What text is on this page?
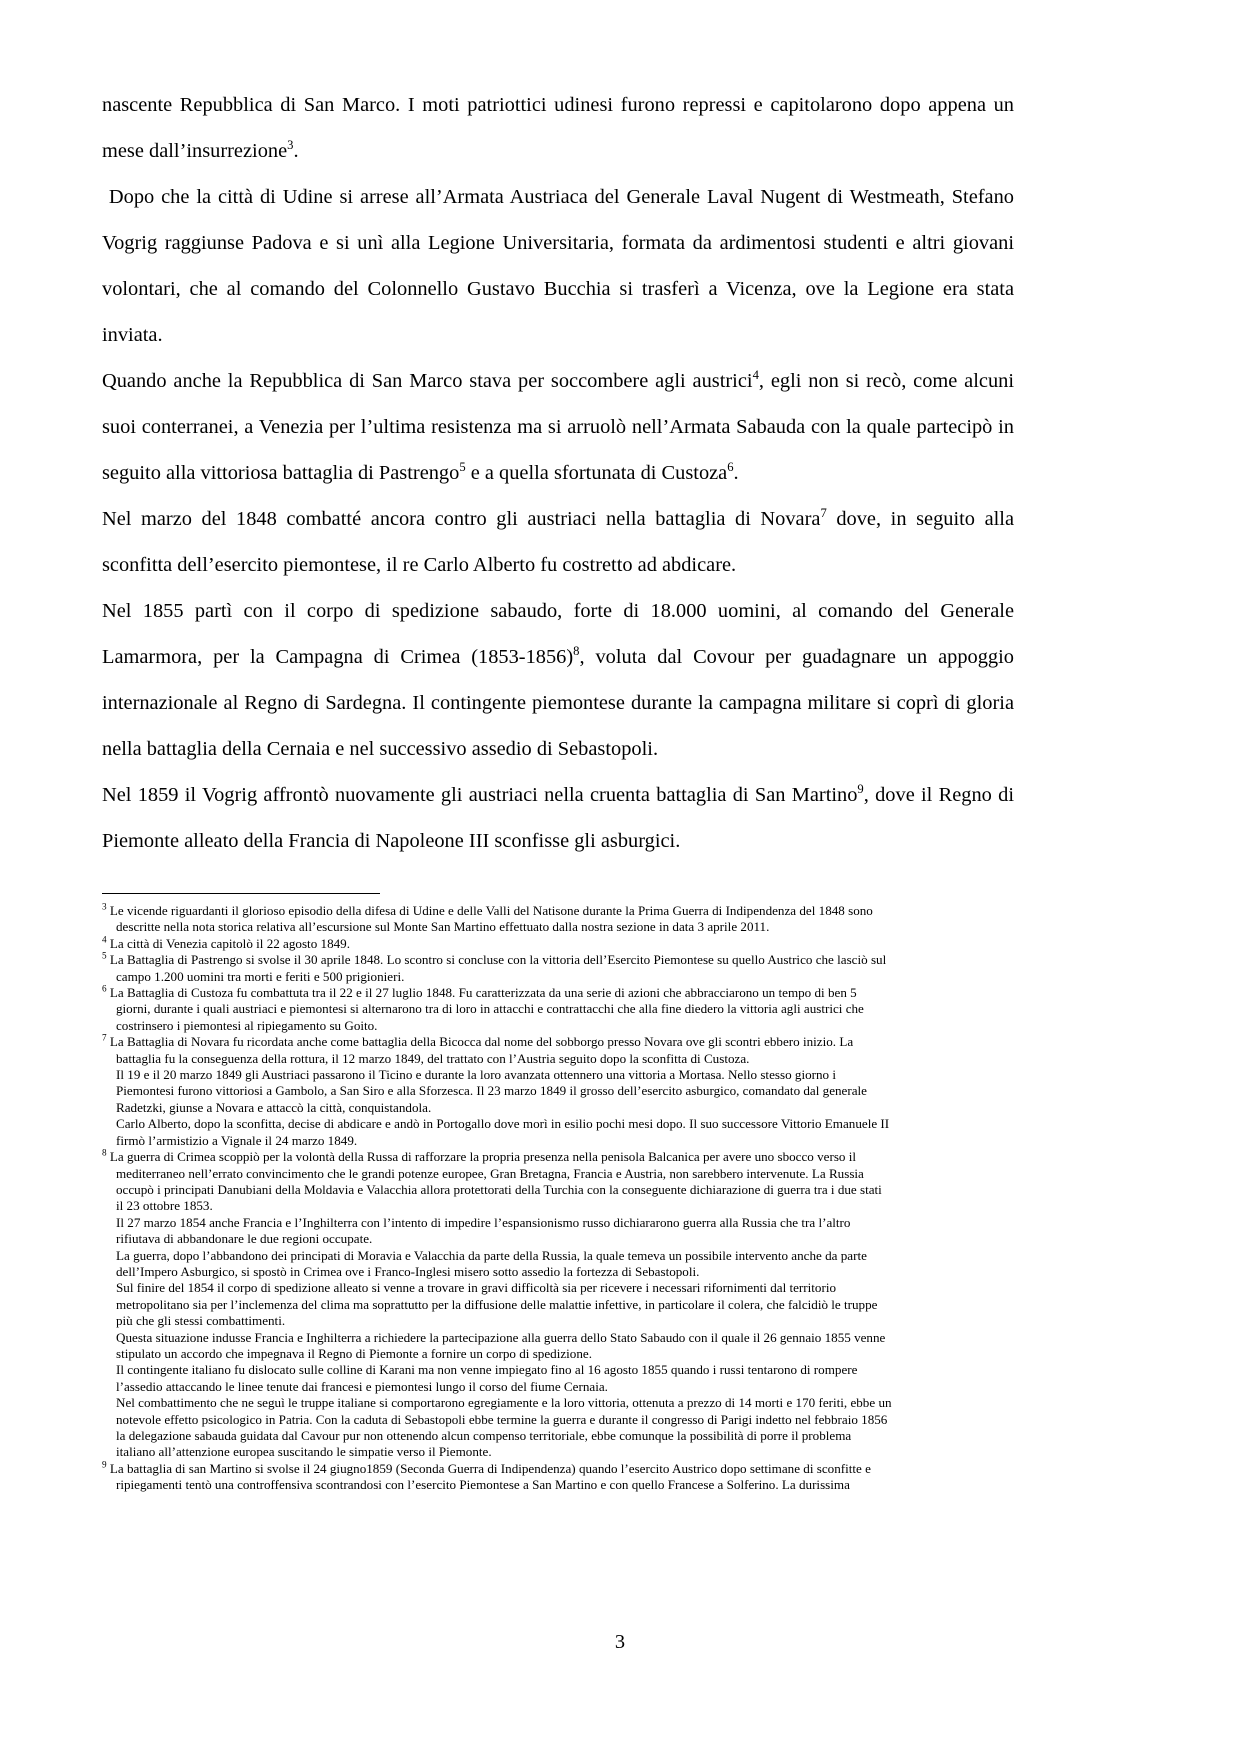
nascente Repubblica di San Marco. I moti patriottici udinesi furono repressi e capitolarono dopo appena un mese dall’insurrezione$^3$.

Dopo che la città di Udine si arrese all’Armata Austriaca del Generale Laval Nugent di Westmeath, Stefano Vogrig raggiunse Padova e si unì alla Legione Universitaria, formata da ardimentosi studenti e altri giovani volontari, che al comando del Colonnello Gustavo Bucchia si trasferì a Vicenza, ove la Legione era stata inviata.

Quando anche la Repubblica di San Marco stava per soccombere agli austrici$^4$, egli non si recò, come alcuni suoi conterranei, a Venezia per l’ultima resistenza ma si arruolò nell’Armata Sabauda con la quale partecipò in seguito alla vittoriosa battaglia di Pastrengo$^5$ e a quella sfortunata di Custoza$^6$.

Nel marzo del 1848 combatté ancora contro gli austriaci nella battaglia di Novara$^7$ dove, in seguito alla sconfitta dell’esercito piemontese, il re Carlo Alberto fu costretto ad abdicare.

Nel 1855 partì con il corpo di spedizione sabaudo, forte di 18.000 uomini, al comando del Generale Lamarmora, per la Campagna di Crimea (1853-1856)$^8$, voluta dal Covour per guadagnare un appoggio internazionale al Regno di Sardegna. Il contingente piemontese durante la campagna militare si coprì di gloria nella battaglia della Cernaia e nel successivo assedio di Sebastopoli.

Nel 1859 il Vogrig affrontò nuovamente gli austriaci nella cruenta battaglia di San Martino$^9$, dove il Regno di Piemonte alleato della Francia di Napoleone III sconfisse gli asburgici.

$^3$ Le vicende riguardanti il glorioso episodio della difesa di Udine e delle Valli del Natisone durante la Prima Guerra di Indipendenza del 1848 sono

descritte nella nota storica relativa all’escursione sul Monte San Martino effettuato dalla nostra sezione in data 3 aprile 2011.

$^4$ La città di Venezia capitolò il 22 agosto 1849.

$^5$ La Battaglia di Pastrengo si svolse il 30 aprile 1848. Lo scontro si concluse con la vittoria dell’Esercito Piemontese su quello Austrico che lasciò sul

campo 1.200 uomini tra morti e feriti e 500 prigionieri.

$^6$ La Battaglia di Custoza fu combattuta tra il 22 e il 27 luglio 1848. Fu caratterizzata da una serie di azioni che abbracciarono un tempo di ben 5

giorni, durante i quali austriaci e piemontesi si alternarono tra di loro in attacchi e contrattacchi che alla fine diedero la vittoria agli austrici che

costrinsero i piemontesi al ripiegamento su Goito.

$^7$ La Battaglia di Novara fu ricordata anche come battaglia della Bicocca dal nome del sobborgo presso Novara ove gli scontri ebbero inizio. La

battaglia fu la conseguenza della rottura, il 12 marzo 1849, del trattato con l’Austria seguito dopo la sconfitta di Custoza.

Il 19 e il 20 marzo 1849 gli Austriaci passarono il Ticino e durante la loro avanzata ottennero una vittoria a Mortasa. Nello stesso giorno i

Piemontesi furono vittoriosi a Gambolo, a San Siro e alla Sforzesca. Il 23 marzo 1849 il grosso dell’esercito asburgico, comandato dal generale

Radetzki, giunse a Novara e attaccò la città, conquistandola.

Carlo Alberto, dopo la sconfitta, decise di abdicare e andò in Portogallo dove morì in esilio pochi mesi dopo. Il suo successore Vittorio Emanuele II

firmò l’armistizio a Vignale il 24 marzo 1849.

$^8$ La guerra di Crimea scoppiò per la volontà della Russa di rafforzare la propria presenza nella penisola Balcanica per avere uno sbocco verso il

mediterraneo nell’errato convincimento che le grandi potenze europee, Gran Bretagna, Francia e Austria, non sarebbero intervenute. La Russia

occupò i principati Danubiani della Moldavia e Valacchia allora protettorati della Turchia con la conseguente dichiarazione di guerra tra i due stati

il 23 ottobre 1853.

Il 27 marzo 1854 anche Francia e l’Inghilterra con l’intento di impedire l’espansionismo russo dichiararono guerra alla Russia che tra l’altro

rifiutava di abbandonare le due regioni occupate.

La guerra, dopo l’abbandono dei principati di Moravia e Valacchia da parte della Russia, la quale temeva un possibile intervento anche da parte

dell’Impero Asburgico, si spostò in Crimea ove i Franco-Inglesi misero sotto assedio la fortezza di Sebastopoli.

Sul finire del 1854 il corpo di spedizione alleato si venne a trovare in gravi difficoltà sia per ricevere i necessari rifornimenti dal territorio

metropolitano sia per l’inclemenza del clima ma soprattutto per la diffusione delle malattie infettive, in particolare il colera, che falcidiò le truppe

più che gli stessi combattimenti.

Questa situazione indusse Francia e Inghilterra a richiedere la partecipazione alla guerra dello Stato Sabaudo con il quale il 26 gennaio 1855 venne

stipulato un accordo che impegnava il Regno di Piemonte a fornire un corpo di spedizione.

Il contingente italiano fu dislocato sulle colline di Karani ma non venne impiegato fino al 16 agosto 1855 quando i russi tentarono di rompere

l’assedio attaccando le linee tenute dai francesi e piemontesi lungo il corso del fiume Cernaia.

Nel combattimento che ne seguì le truppe italiane si comportarono egregiamente e la loro vittoria, ottenuta a prezzo di 14 morti e 170 feriti, ebbe un

notevole effetto psicologico in Patria. Con la caduta di Sebastopoli ebbe termine la guerra e durante il congresso di Parigi indetto nel febbraio 1856

la delegazione sabauda guidata dal Cavour pur non ottenendo alcun compenso territoriale, ebbe comunque la possibilità di porre il problema

italiano all’attenzione europea suscitando le simpatie verso il Piemonte.

$^9$ La battaglia di san Martino si svolse il 24 giugno1859 (Seconda Guerra di Indipendenza) quando l’esercito Austrico dopo settimane di sconfitte e

ripiegamenti tentò una controffensiva scontrandosi con l’esercito Piemontese a San Martino e con quello Francese a Solferino. La durissima

3
